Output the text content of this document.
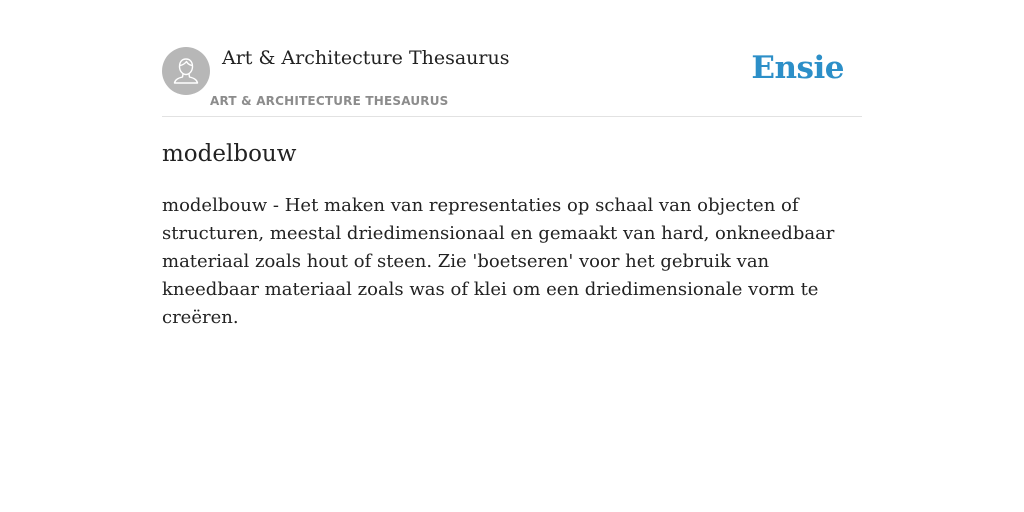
Art & Architecture Thesaurus
ART & ARCHITECTURE THESAURUS
Ensie
modelbouw

modelbouw - Het maken van representaties op schaal van objecten of structuren, meestal driedimensionaal en gemaakt van hard, onkneedbaar materiaal zoals hout of steen. Zie 'boetseren' voor het gebruik van kneedbaar materiaal zoals was of klei om een driedimensionale vorm te creëren.
